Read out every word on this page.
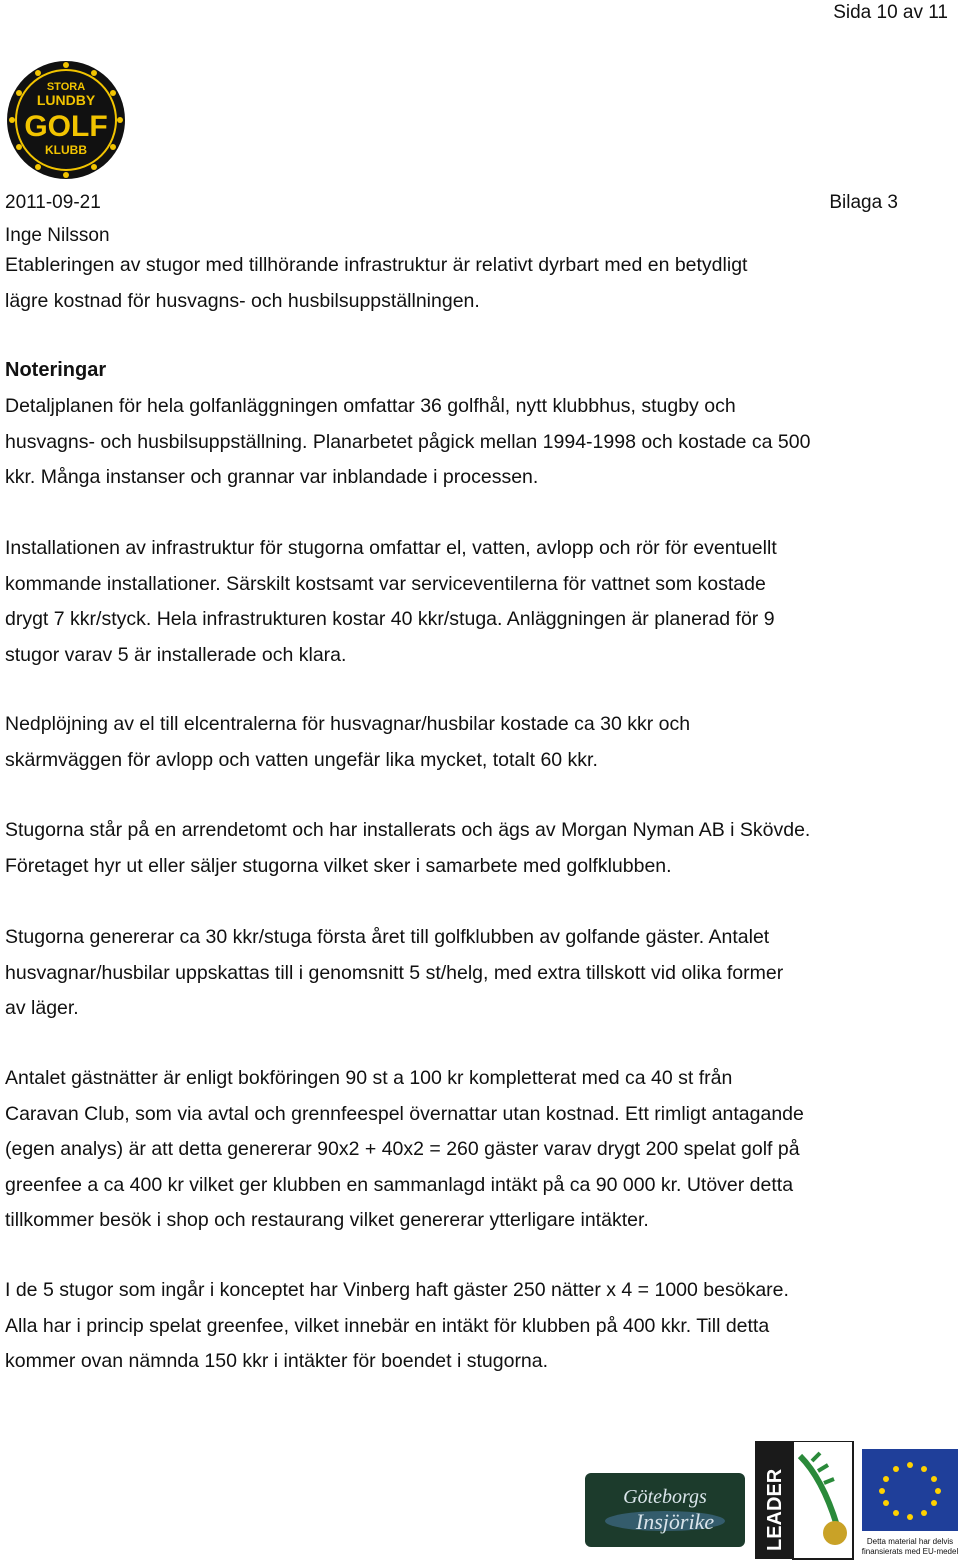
Sida 10 av 11
STORA
LUNDBY
GOLF
KLUBB
2011-09-21	Bilaga 3
Inge Nilsson

Etableringen av stugor med tillhörande infrastruktur är relativt dyrbart med en betydligt
lägre kostnad för husvagns- och husbilsuppställningen.

Noteringar

Detaljplanen för hela golfanläggningen omfattar 36 golfhål, nytt klubbhus, stugby och
husvagns- och husbilsuppställning. Planarbetet pågick mellan 1994-1998 och kostade ca 500
kkr. Många instanser och grannar var inblandade i processen.

Installationen av infrastruktur för stugorna omfattar el, vatten, avlopp och rör för eventuellt
kommande installationer. Särskilt kostsamt var serviceventilerna för vattnet som kostade
drygt 7 kkr/styck. Hela infrastrukturen kostar 40 kkr/stuga. Anläggningen är planerad för 9
stugor varav 5 är installerade och klara.

Nedplöjning av el till elcentralerna för husvagnar/husbilar kostade ca 30 kkr och
skärmväggen för avlopp och vatten ungefär lika mycket, totalt 60 kkr.

Stugorna står på en arrendetomt och har installerats och ägs av Morgan Nyman AB i Skövde.
Företaget hyr ut eller säljer stugorna vilket sker i samarbete med golfklubben.

Stugorna genererar ca 30 kkr/stuga första året till golfklubben av golfande gäster. Antalet
husvagnar/husbilar uppskattas till i genomsnitt 5 st/helg, med extra tillskott vid olika former
av läger.

Antalet gästnätter är enligt bokföringen 90 st a 100 kr kompletterat med ca 40 st från
Caravan Club, som via avtal och grennfeespel övernattar utan kostnad. Ett rimligt antagande
(egen analys) är att detta genererar 90x2 + 40x2 = 260 gäster varav drygt 200 spelat golf på
greenfee a ca 400 kr vilket ger klubben en sammanlagd intäkt på ca 90 000 kr. Utöver detta
tillkommer besök i shop och restaurang vilket genererar ytterligare intäkter.

I de 5 stugor som ingår i konceptet har Vinberg haft gäster 250 nätter x 4 = 1000 besökare.
Alla har i princip spelat greenfee, vilket innebär en intäkt för klubben på 400 kkr. Till detta
kommer ovan nämnda 150 kkr i intäkter för boendet i stugorna.

Göteborgs
Insjörike LEADER	Detta material har delvis
finansierats med EU-medel
